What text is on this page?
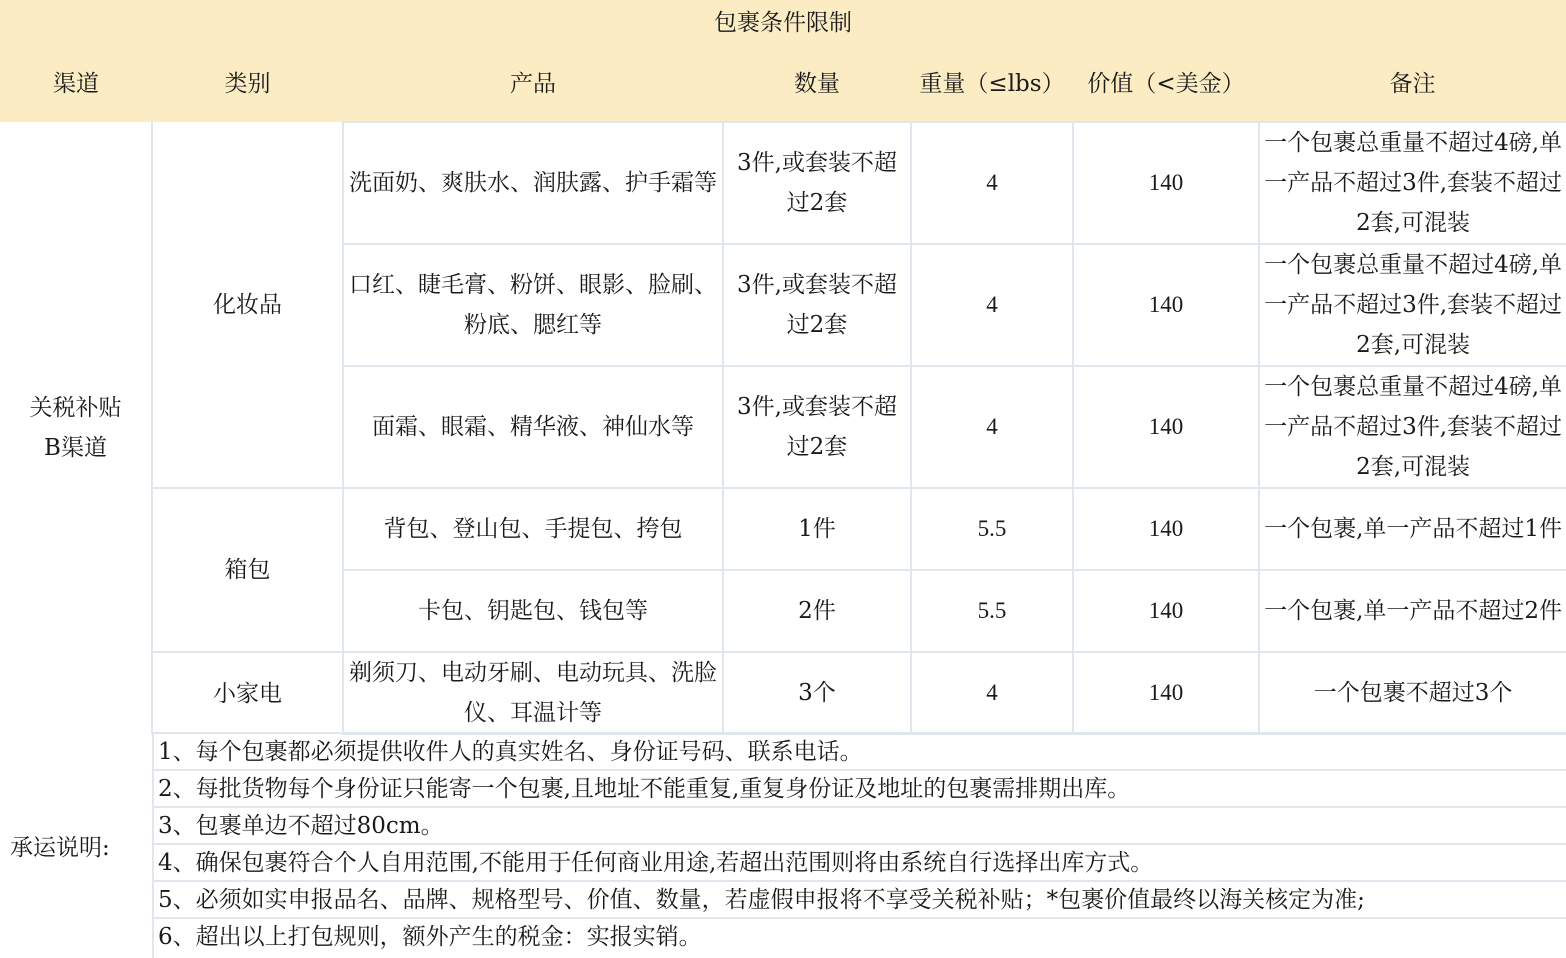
包裹条件限制						
渠道	类别	产品	数量	重量（≤lbs）	价值（<美金）	备注
关税补贴B渠道	化妆品	洗面奶、爽肤水、润肤露、护手霜等	3件,或套装不超过2套	4	140	一个包裹总重量不超过4磅,单一产品不超过3件,套装不超过2套,可混装
		口红、睫毛膏、粉饼、眼影、脸刷、粉底、腮红等	3件,或套装不超过2套	4	140	一个包裹总重量不超过4磅,单一产品不超过3件,套装不超过2套,可混装
		面霜、眼霜、精华液、神仙水等	3件,或套装不超过2套	4	140	一个包裹总重量不超过4磅,单一产品不超过3件,套装不超过2套,可混装
	箱包	背包、登山包、手提包、挎包	1件	5.5	140	一个包裹,单一产品不超过1件
		卡包、钥匙包、钱包等	2件	5.5	140	一个包裹,单一产品不超过2件
	小家电	剃须刀、电动牙刷、电动玩具、洗脸仪、耳温计等	3个	4	140	一个包裹不超过3个
承运说明:
1、每个包裹都必须提供收件人的真实姓名、身份证号码、联系电话。
2、每批货物每个身份证只能寄一个包裹,且地址不能重复,重复身份证及地址的包裹需排期出库。
3、包裹单边不超过80cm。
4、确保包裹符合个人自用范围,不能用于任何商业用途,若超出范围则将由系统自行选择出库方式。
5、必须如实申报品名、品牌、规格型号、价值、数量，若虚假申报将不享受关税补贴；*包裹价值最终以海关核定为准;
6、超出以上打包规则，额外产生的税金：实报实销。
